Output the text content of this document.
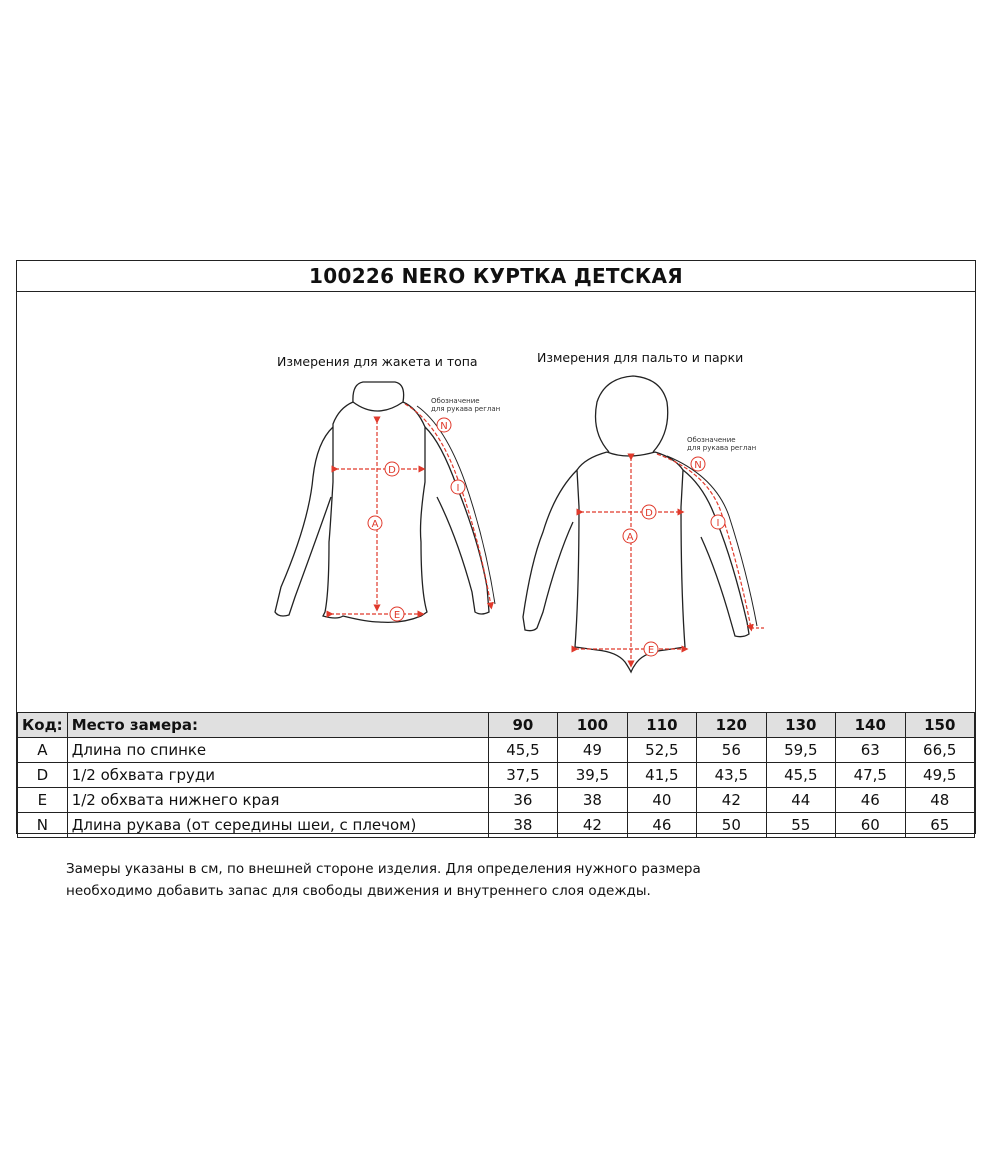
100226 NERO КУРТКА ДЕТСКАЯ
Измерения для жакета и топа
Обозначение
для рукава реглан
Измерения для пальто и парки
Обозначение
для рукава реглан
N
D
I
A
E
N
D
I
A
E
Код:	Место замера:	90	100	110	120	130	140	150
A	Длина по спинке	45,5	49	52,5	56	59,5	63	66,5
D	1/2 обхвата груди	37,5	39,5	41,5	43,5	45,5	47,5	49,5
E	1/2 обхвата нижнего края	36	38	40	42	44	46	48
N	Длина рукава (от середины шеи, с плечом)	38	42	46	50	55	60	65
Замеры указаны в см, по внешней стороне изделия. Для определения нужного размера
необходимо добавить запас для свободы движения и внутреннего слоя одежды.
